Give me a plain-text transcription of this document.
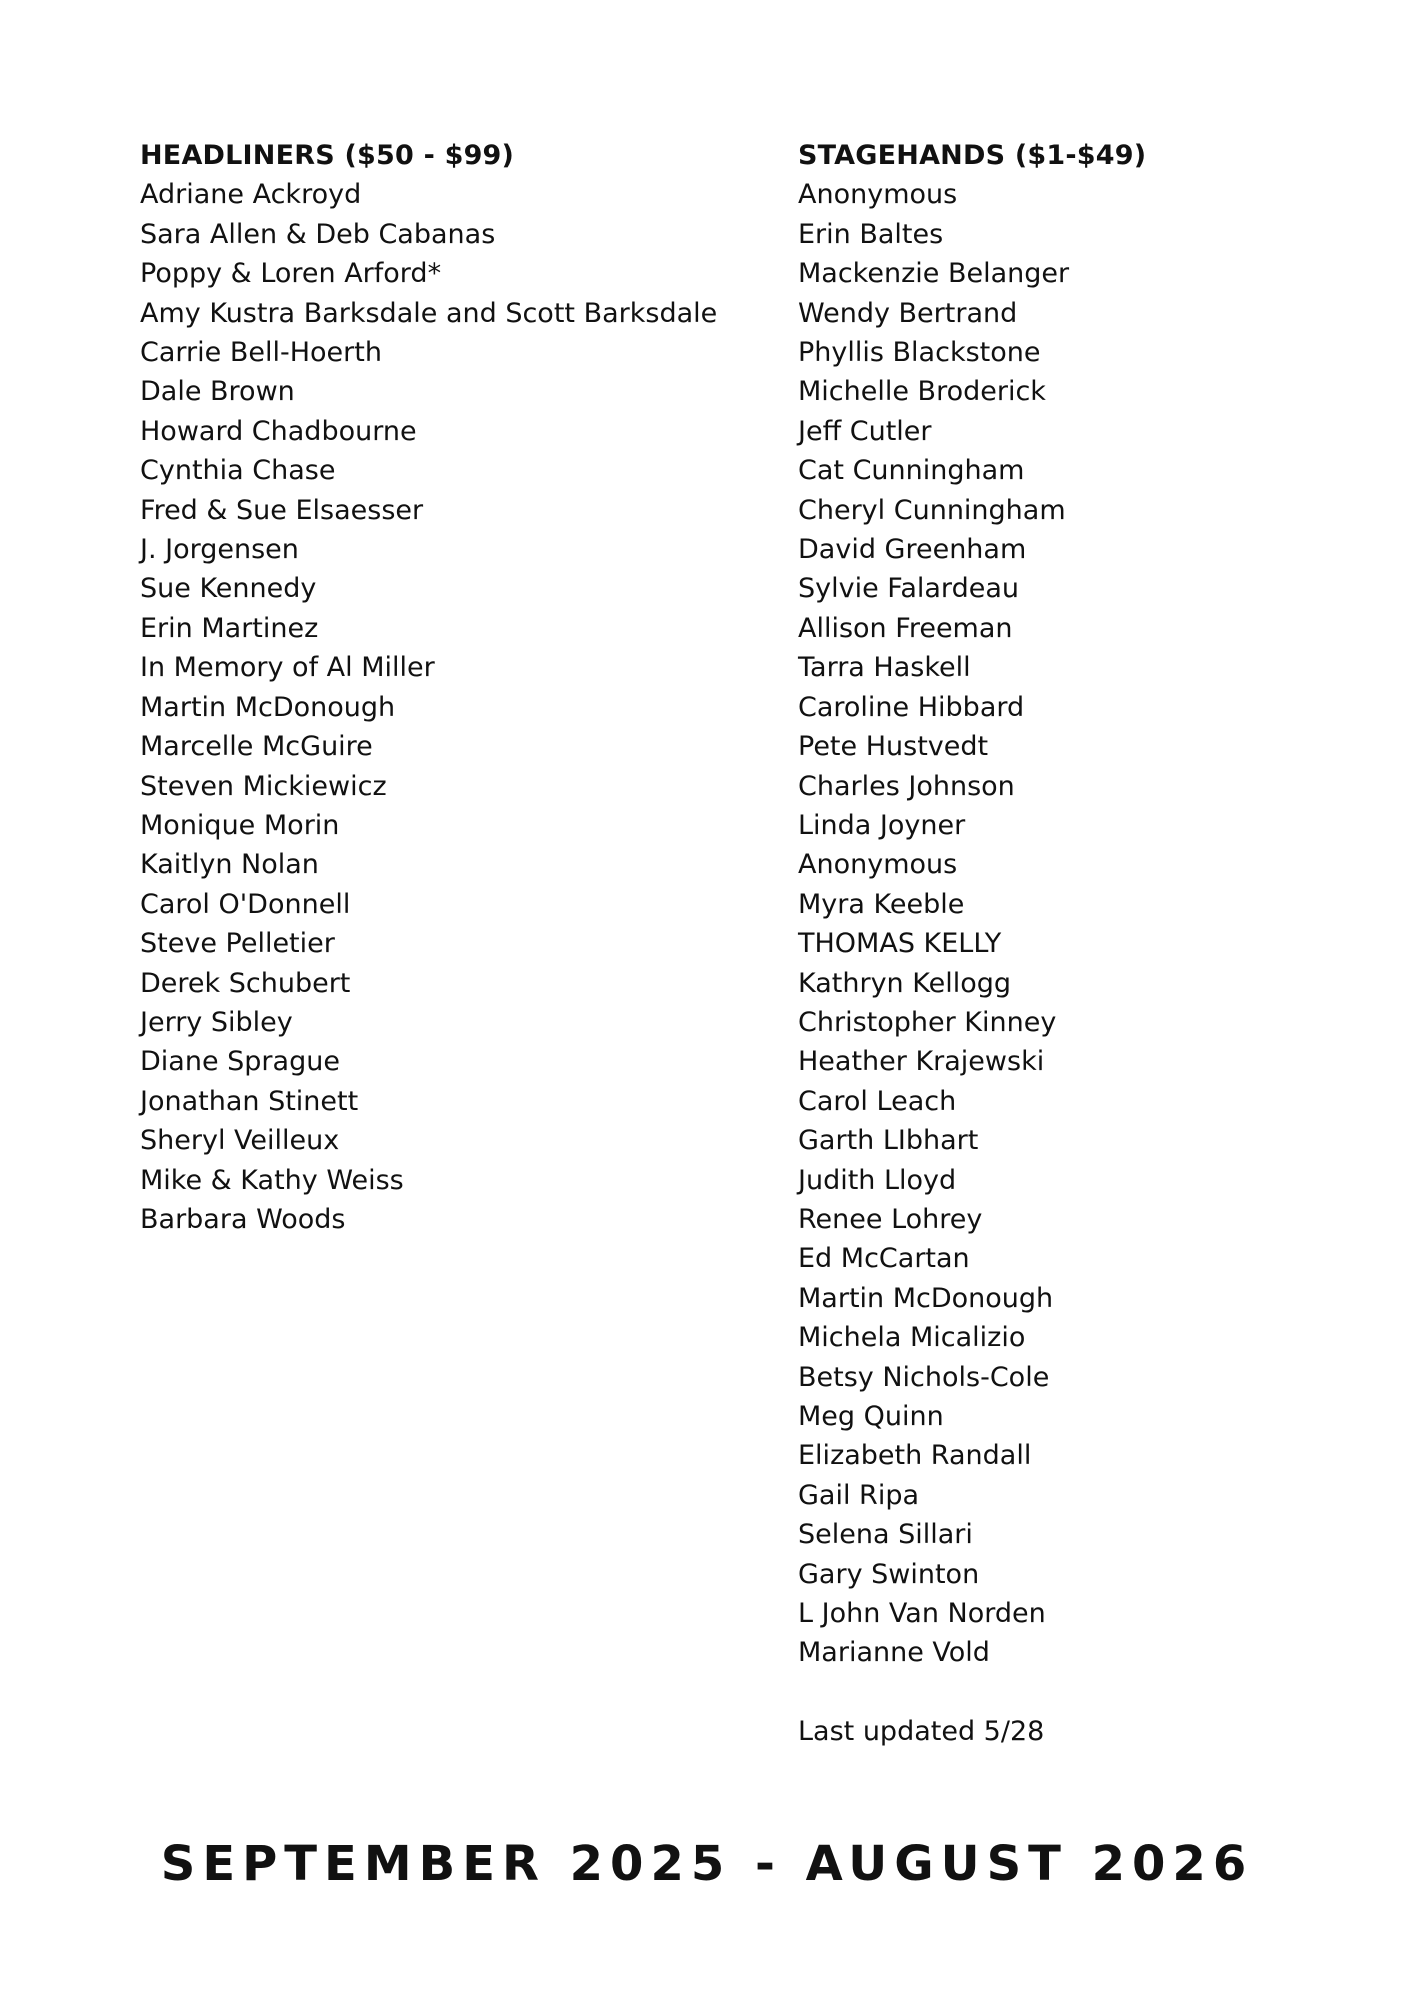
HEADLINERS ($50 - $99)
Adriane Ackroyd
Sara Allen & Deb Cabanas
Poppy & Loren Arford*
Amy Kustra Barksdale and Scott Barksdale
Carrie Bell-Hoerth
Dale Brown
Howard Chadbourne
Cynthia Chase
Fred & Sue Elsaesser
J. Jorgensen
Sue Kennedy
Erin Martinez
In Memory of Al Miller
Martin McDonough
Marcelle McGuire
Steven Mickiewicz
Monique Morin
Kaitlyn Nolan
Carol O'Donnell
Steve Pelletier
Derek Schubert
Jerry Sibley
Diane Sprague
Jonathan Stinett
Sheryl Veilleux
Mike & Kathy Weiss
Barbara Woods
STAGEHANDS ($1-$49)
Anonymous
Erin Baltes
Mackenzie Belanger
Wendy Bertrand
Phyllis Blackstone
Michelle Broderick
Jeff Cutler
Cat Cunningham
Cheryl Cunningham
David Greenham
Sylvie Falardeau
Allison Freeman
Tarra Haskell
Caroline Hibbard
Pete Hustvedt
Charles Johnson
Linda Joyner
Anonymous
Myra Keeble
THOMAS KELLY
Kathryn Kellogg
Christopher Kinney
Heather Krajewski
Carol Leach
Garth LIbhart
Judith Lloyd
Renee Lohrey
Ed McCartan
Martin McDonough
Michela Micalizio
Betsy Nichols-Cole
Meg Quinn
Elizabeth Randall
Gail Ripa
Selena Sillari
Gary Swinton
L John Van Norden
Marianne Vold
Last updated 5/28
SEPTEMBER 2025 - AUGUST 2026
